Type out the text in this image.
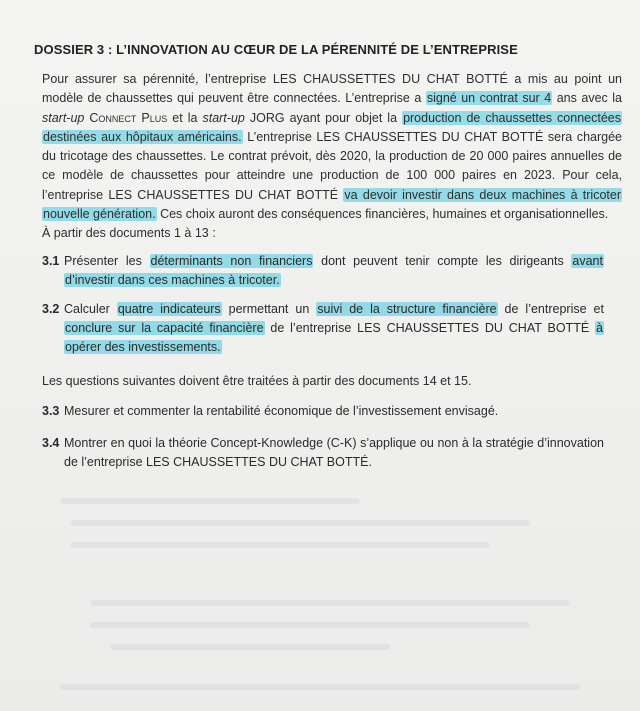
DOSSIER 3 : L’INNOVATION AU CŒUR DE LA PÉRENNITÉ DE L’ENTREPRISE
Pour assurer sa pérennité, l’entreprise LES CHAUSSETTES DU CHAT BOTTÉ a mis au point un modèle de chaussettes qui peuvent être connectées. L’entreprise a signé un contrat sur 4 ans avec la start-up Connect Plus et la start-up JORG ayant pour objet la production de chaussettes connectées destinées aux hôpitaux américains. L’entreprise LES CHAUSSETTES DU CHAT BOTTÉ sera chargée du tricotage des chaussettes. Le contrat prévoit, dès 2020, la production de 20 000 paires annuelles de ce modèle de chaussettes pour atteindre une production de 100 000 paires en 2023. Pour cela, l’entreprise LES CHAUSSETTES DU CHAT BOTTÉ va devoir investir dans deux machines à tricoter nouvelle génération. Ces choix auront des conséquences financières, humaines et organisationnelles.
À partir des documents 1 à 13 :
3.1 Présenter les déterminants non financiers dont peuvent tenir compte les dirigeants avant d’investir dans ces machines à tricoter.
3.2 Calculer quatre indicateurs permettant un suivi de la structure financière de l’entreprise et conclure sur la capacité financière de l’entreprise LES CHAUSSETTES DU CHAT BOTTÉ à opérer des investissements.
Les questions suivantes doivent être traitées à partir des documents 14 et 15.
3.3 Mesurer et commenter la rentabilité économique de l’investissement envisagé.
3.4 Montrer en quoi la théorie Concept-Knowledge (C-K) s’applique ou non à la stratégie d’innovation de l’entreprise LES CHAUSSETTES DU CHAT BOTTÉ.
